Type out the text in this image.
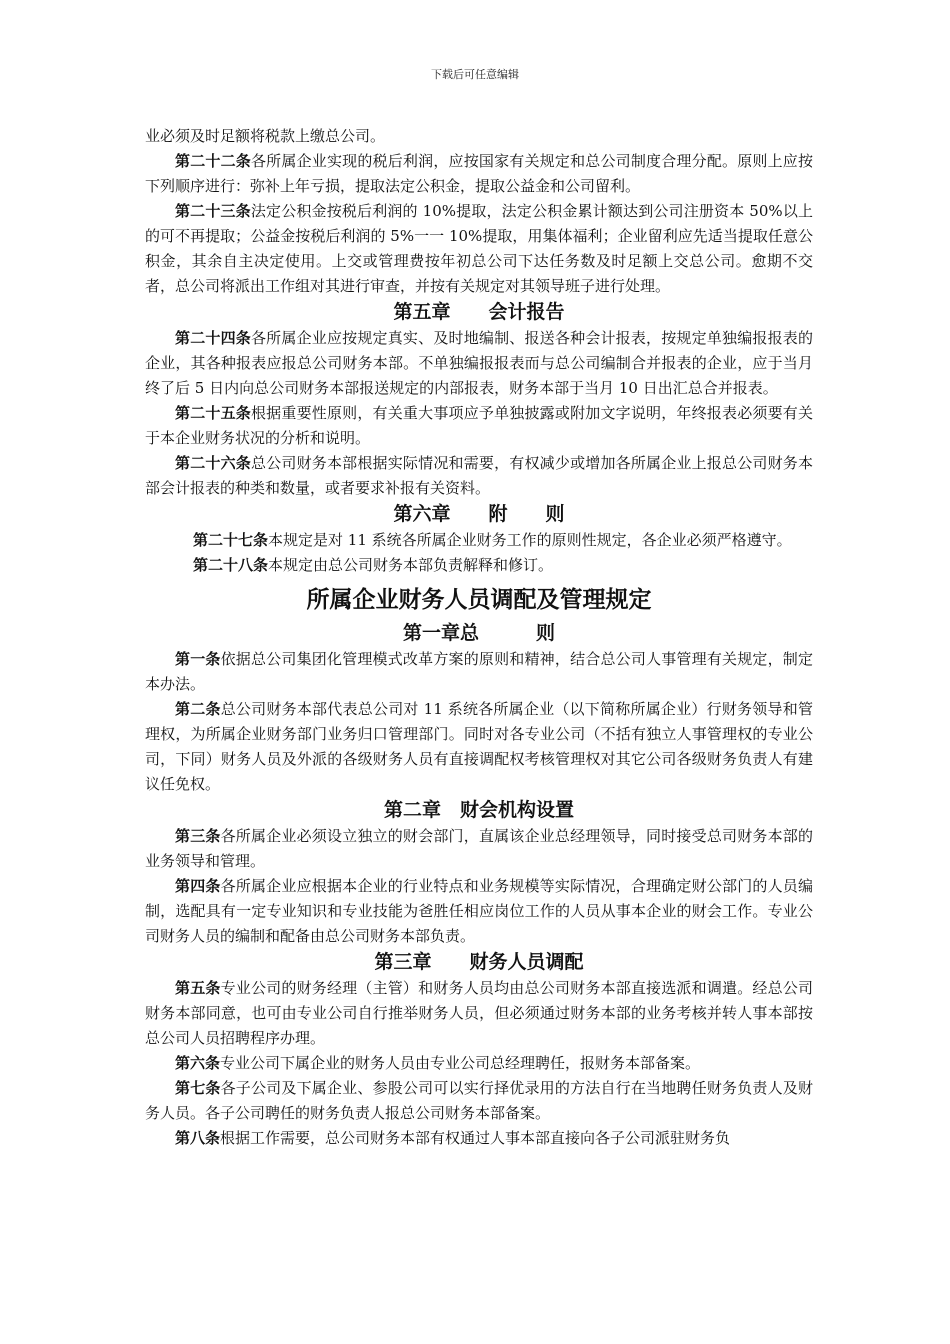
下载后可任意编辑

业必须及时足额将税款上缴总公司。

第二十二条各所属企业实现的税后利润，应按国家有关规定和总公司制度合理分配。原则上应按下列顺序进行：弥补上年亏损，提取法定公积金，提取公益金和公司留利。

第二十三条法定公积金按税后利润的 10%提取，法定公积金累计额达到公司注册资本 50%以上的可不再提取；公益金按税后利润的 5%一一 10%提取，用集体福利；企业留利应先适当提取任意公积金，其余自主决定使用。上交或管理费按年初总公司下达任务数及时足额上交总公司。愈期不交者，总公司将派出工作组对其进行审查，并按有关规定对其领导班子进行处理。

第五章　　会计报告

第二十四条各所属企业应按规定真实、及时地编制、报送各种会计报表，按规定单独编报报表的企业，其各种报表应报总公司财务本部。不单独编报报表而与总公司编制合并报表的企业，应于当月终了后 5 日内向总公司财务本部报送规定的内部报表，财务本部于当月 10 日出汇总合并报表。

第二十五条根据重要性原则，有关重大事项应予单独披露或附加文字说明，年终报表必须要有关于本企业财务状况的分析和说明。

第二十六条总公司财务本部根据实际情况和需要，有权减少或增加各所属企业上报总公司财务本部会计报表的种类和数量，或者要求补报有关资料。

第六章　　附　　则

第二十七条本规定是对 11 系统各所属企业财务工作的原则性规定，各企业必须严格遵守。

第二十八条本规定由总公司财务本部负责解释和修订。

所属企业财务人员调配及管理规定

第一章总　　　则

第一条依据总公司集团化管理模式改革方案的原则和精神，结合总公司人事管理有关规定，制定本办法。

第二条总公司财务本部代表总公司对 11 系统各所属企业（以下简称所属企业）行财务领导和管理权，为所属企业财务部门业务归口管理部门。同时对各专业公司（不括有独立人事管理权的专业公司，下同）财务人员及外派的各级财务人员有直接调配权考核管理权对其它公司各级财务负责人有建议任免权。

第二章　财会机构设置

第三条各所属企业必须设立独立的财会部门，直属该企业总经理领导，同时接受总司财务本部的业务领导和管理。

第四条各所属企业应根据本企业的行业特点和业务规模等实际情况，合理确定财公部门的人员编制，选配具有一定专业知识和专业技能为爸胜任相应岗位工作的人员从事本企业的财会工作。专业公司财务人员的编制和配备由总公司财务本部负责。

第三章　　财务人员调配

第五条专业公司的财务经理（主管）和财务人员均由总公司财务本部直接选派和调遣。经总公司财务本部同意，也可由专业公司自行推举财务人员，但必须通过财务本部的业务考核并转人事本部按总公司人员招聘程序办理。

第六条专业公司下属企业的财务人员由专业公司总经理聘任，报财务本部备案。

第七条各子公司及下属企业、参股公司可以实行择优录用的方法自行在当地聘任财务负责人及财务人员。各子公司聘任的财务负责人报总公司财务本部备案。

第八条根据工作需要，总公司财务本部有权通过人事本部直接向各子公司派驻财务负
